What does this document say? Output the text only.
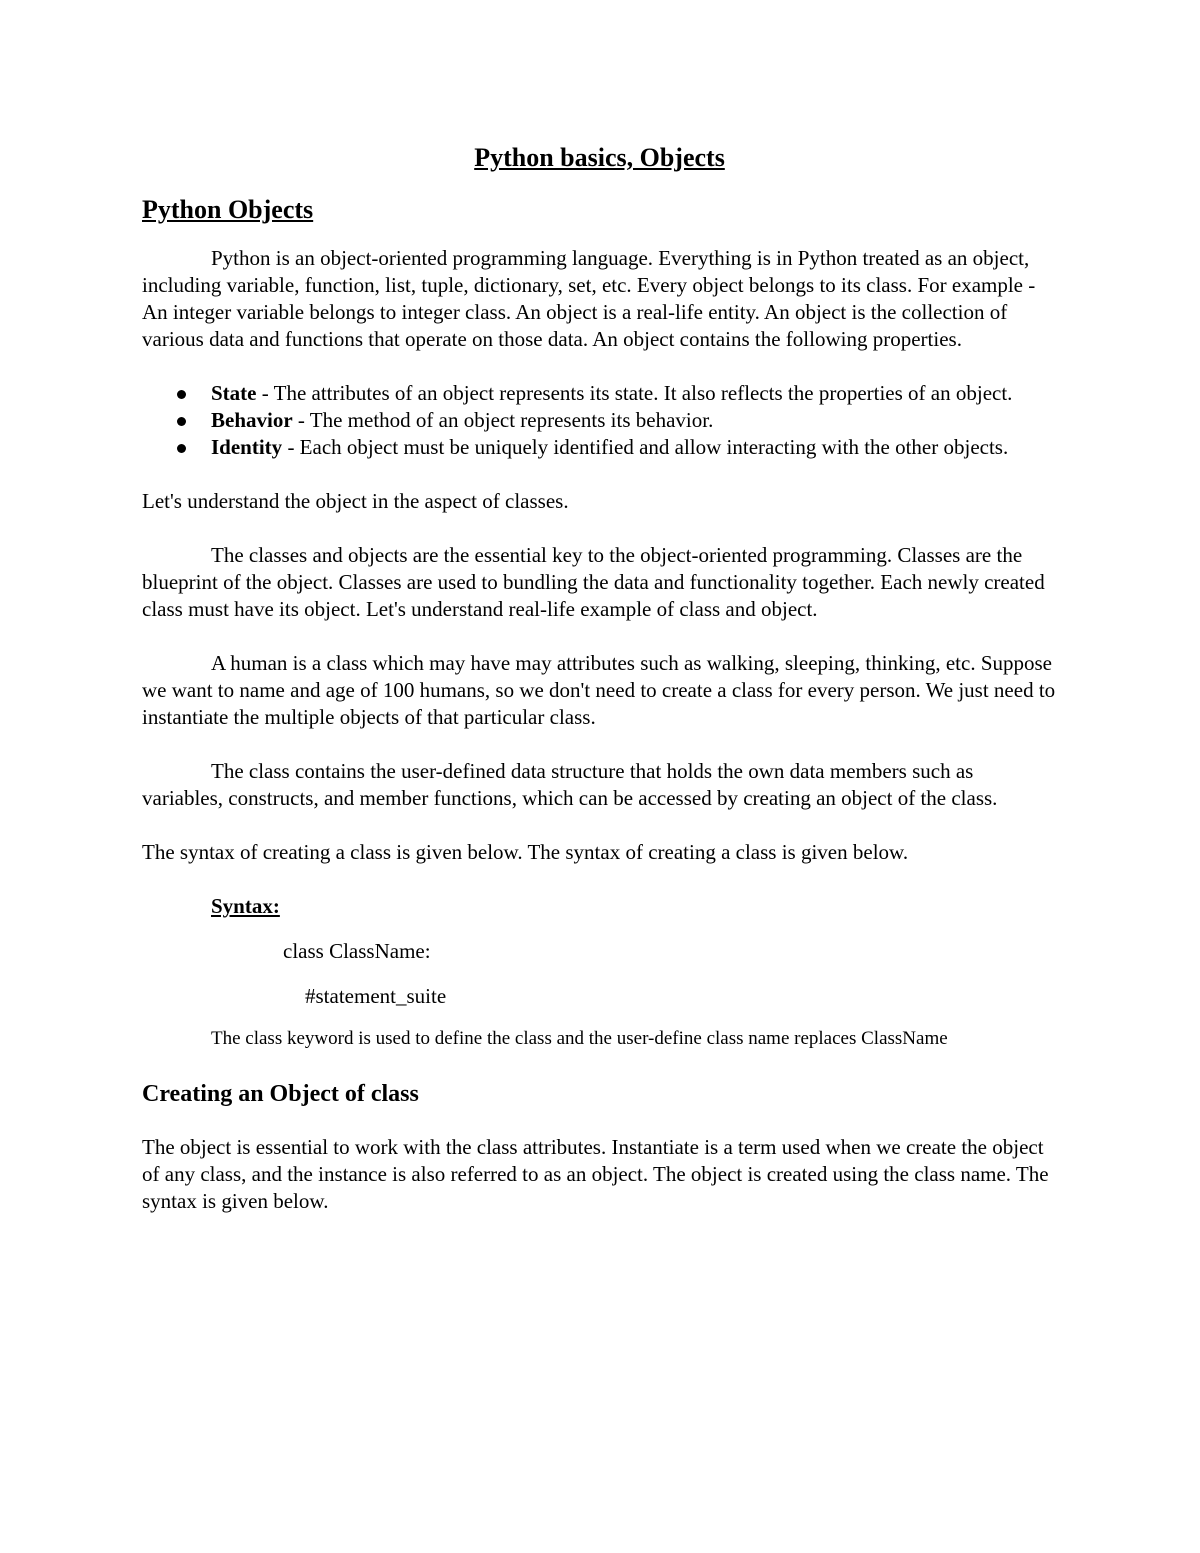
Python basics, Objects
Python Objects

Python is an object-oriented programming language. Everything is in Python treated as an object, including variable, function, list, tuple, dictionary, set, etc. Every object belongs to its class. For example - An integer variable belongs to integer class. An object is a real-life entity. An object is the collection of various data and functions that operate on those data. An object contains the following properties.

State - The attributes of an object represents its state. It also reflects the properties of an object.
Behavior - The method of an object represents its behavior.
Identity - Each object must be uniquely identified and allow interacting with the other objects.

Let's understand the object in the aspect of classes.

The classes and objects are the essential key to the object-oriented programming. Classes are the blueprint of the object. Classes are used to bundling the data and functionality together. Each newly created class must have its object. Let's understand real-life example of class and object.

A human is a class which may have may attributes such as walking, sleeping, thinking, etc. Suppose we want to name and age of 100 humans, so we don't need to create a class for every person. We just need to instantiate the multiple objects of that particular class.

The class contains the user-defined data structure that holds the own data members such as variables, constructs, and member functions, which can be accessed by creating an object of the class.

The syntax of creating a class is given below. The syntax of creating a class is given below.

Syntax:

class ClassName:

#statement_suite

The class keyword is used to define the class and the user-define class name replaces ClassName

Creating an Object of class

The object is essential to work with the class attributes. Instantiate is a term used when we create the object of any class, and the instance is also referred to as an object. The object is created using the class name. The syntax is given below.
